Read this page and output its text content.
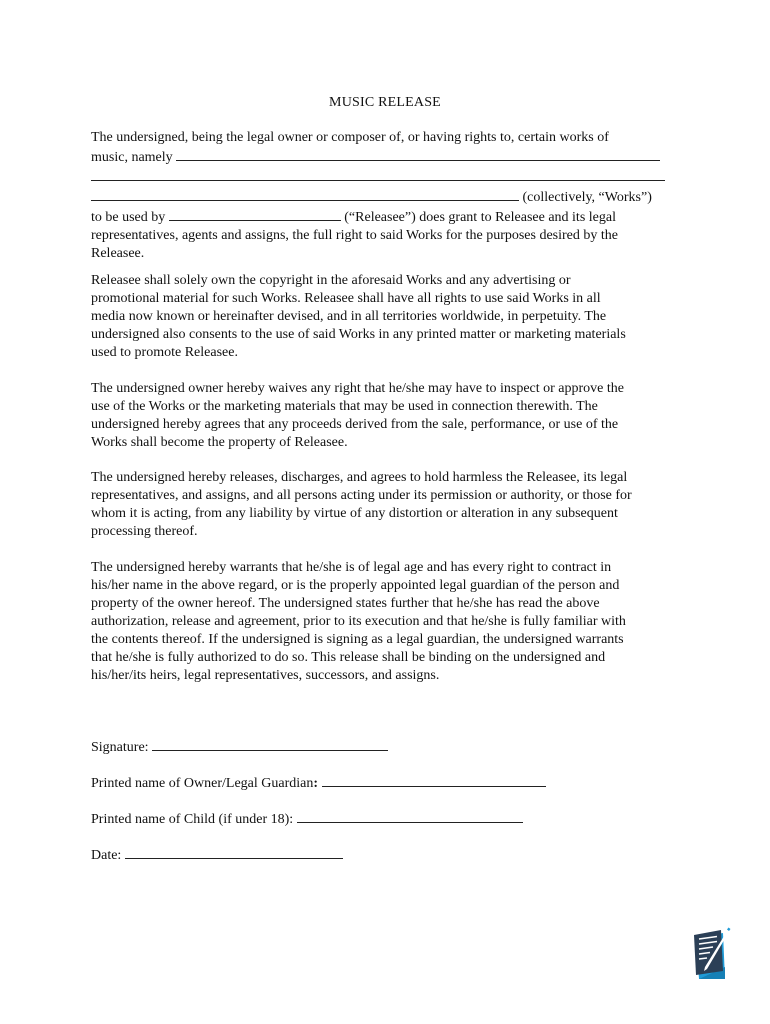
MUSIC RELEASE
The undersigned, being the legal owner or composer of, or having rights to, certain works of
music, namely
(collectively, “Works”)
to be used by	(“Releasee”) does grant to Releasee and its legal
representatives, agents and assigns, the full right to said Works for the purposes desired by the
Releasee.
Releasee shall solely own the copyright in the aforesaid Works and any advertising or
promotional material for such Works. Releasee shall have all rights to use said Works in all
media now known or hereinafter devised, and in all territories worldwide, in perpetuity. The
undersigned also consents to the use of said Works in any printed matter or marketing materials
used to promote Releasee.
The undersigned owner hereby waives any right that he/she may have to inspect or approve the
use of the Works or the marketing materials that may be used in connection therewith. The
undersigned hereby agrees that any proceeds derived from the sale, performance, or use of the
Works shall become the property of Releasee.
The undersigned hereby releases, discharges, and agrees to hold harmless the Releasee, its legal
representatives, and assigns, and all persons acting under its permission or authority, or those for
whom it is acting, from any liability by virtue of any distortion or alteration in any subsequent
processing thereof.
The undersigned hereby warrants that he/she is of legal age and has every right to contract in
his/her name in the above regard, or is the properly appointed legal guardian of the person and
property of the owner hereof. The undersigned states further that he/she has read the above
authorization, release and agreement, prior to its execution and that he/she is fully familiar with
the contents thereof. If the undersigned is signing as a legal guardian, the undersigned warrants
that he/she is fully authorized to do so. This release shall be binding on the undersigned and
his/her/its heirs, legal representatives, successors, and assigns.
Signature:
Printed name of Owner/Legal Guardian:
Printed name of Child (if under 18):
Date:
